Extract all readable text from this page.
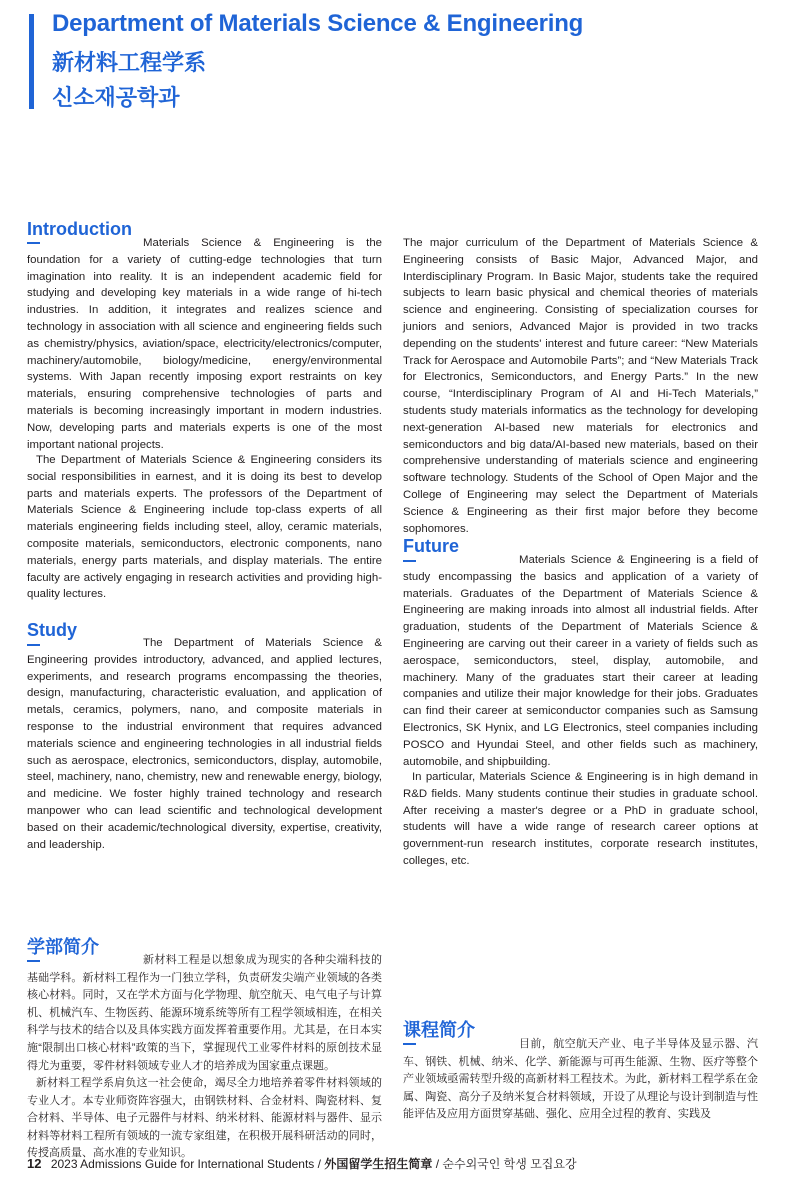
Department of Materials Science & Engineering
新材料工程学系
신소재공학과
Introduction

Materials Science & Engineering is the foundation for a variety of cutting-edge technologies that turn imagination into reality. It is an independent academic field for studying and developing key materials in a wide range of hi-tech industries. In addition, it integrates and realizes science and technology in association with all science and engineering fields such as chemistry/physics, aviation/space, electricity/electronics/computer, machinery/automobile, biology/medicine, energy/environmental systems. With Japan recently imposing export restraints on key materials, ensuring comprehensive technologies of parts and materials is becoming increasingly important in modern industries. Now, developing parts and materials experts is one of the most important national projects.

The Department of Materials Science & Engineering considers its social responsibilities in earnest, and it is doing its best to develop parts and materials experts. The professors of the Department of Materials Science & Engineering include top-class experts of all materials engineering fields including steel, alloy, ceramic materials, composite materials, semiconductors, electronic components, nano materials, energy parts materials, and display materials. The entire faculty are actively engaging in research activities and providing high-quality lectures.

Study

The Department of Materials Science & Engineering provides introductory, advanced, and applied lectures, experiments, and research programs encompassing the theories, design, manufacturing, characteristic evaluation, and application of metals, ceramics, polymers, nano, and composite materials in response to the industrial environment that requires advanced materials science and engineering technologies in all industrial fields such as aerospace, electronics, semiconductors, display, automobile, steel, machinery, nano, chemistry, new and renewable energy, biology, and medicine. We foster highly trained technology and research manpower who can lead scientific and technological development based on their academic/technological diversity, expertise, creativity, and leadership.

The major curriculum of the Department of Materials Science & Engineering consists of Basic Major, Advanced Major, and Interdisciplinary Program. In Basic Major, students take the required subjects to learn basic physical and chemical theories of materials science and engineering. Consisting of specialization courses for juniors and seniors, Advanced Major is provided in two tracks depending on the students' interest and future career: “New Materials Track for Aerospace and Automobile Parts”; and “New Materials Track for Electronics, Semiconductors, and Energy Parts.” In the new course, “Interdisciplinary Program of AI and Hi-Tech Materials,” students study materials informatics as the technology for developing next-generation AI-based new materials for electronics and semiconductors and big data/AI-based new materials, based on their comprehensive understanding of materials science and engineering software technology. Students of the School of Open Major and the College of Engineering may select the Department of Materials Science & Engineering as their first major before they become sophomores.

Future

Materials Science & Engineering is a field of study encompassing the basics and application of a variety of materials. Graduates of the Department of Materials Science & Engineering are making inroads into almost all industrial fields. After graduation, students of the Department of Materials Science & Engineering are carving out their career in a variety of fields such as aerospace, semiconductors, steel, display, automobile, and machinery. Many of the graduates start their career at leading companies and utilize their major knowledge for their jobs. Graduates can find their career at semiconductor companies such as Samsung Electronics, SK Hynix, and LG Electronics, steel companies including POSCO and Hyundai Steel, and other fields such as machinery, automobile, and shipbuilding.

In particular, Materials Science & Engineering is in high demand in R&D fields. Many students continue their studies in graduate school. After receiving a master's degree or a PhD in graduate school, students will have a wide range of research career options at government-run research institutes, corporate research institutes, colleges, etc.

学部简介

新材料工程是以想象成为现实的各种尖端科技的基础学科。新材料工程作为一门独立学科，负责研发尖端产业领域的各类核心材料。同时，又在学术方面与化学物理、航空航天、电气电子与计算机、机械汽车、生物医药、能源环境系统等所有工程学领域相连，在相关科学与技术的结合以及具体实践方面发挥着重要作用。尤其是，在日本实施“限制出口核心材料”政策的当下，掌握现代工业零件材料的原创技术显得尤为重要，零件材料领域专业人才的培养成为国家重点课题。

新材料工程学系肩负这一社会使命，竭尽全力地培养着零件材料领域的专业人才。本专业师资阵容强大，由钢铁材料、合金材料、陶瓷材料、复合材料、半导体、电子元器件与材料、纳米材料、能源材料与器件、显示材料等材料工程所有领域的一流专家组建，在积极开展科研活动的同时，传授高质量、高水准的专业知识。

课程简介

目前，航空航天产业、电子半导体及显示器、汽车、钢铁、机械、纳米、化学、新能源与可再生能源、生物、医疗等整个产业领域亟需转型升级的高新材料工程技术。为此，新材料工程学系在金属、陶瓷、高分子及纳米复合材料领域，开设了从理论与设计到制造与性能评估及应用方面贯穿基础、强化、应用全过程的教育、实践及

12 2023 Admissions Guide for International Students / 外国留学生招生简章 / 순수외국인 학생 모집요강
